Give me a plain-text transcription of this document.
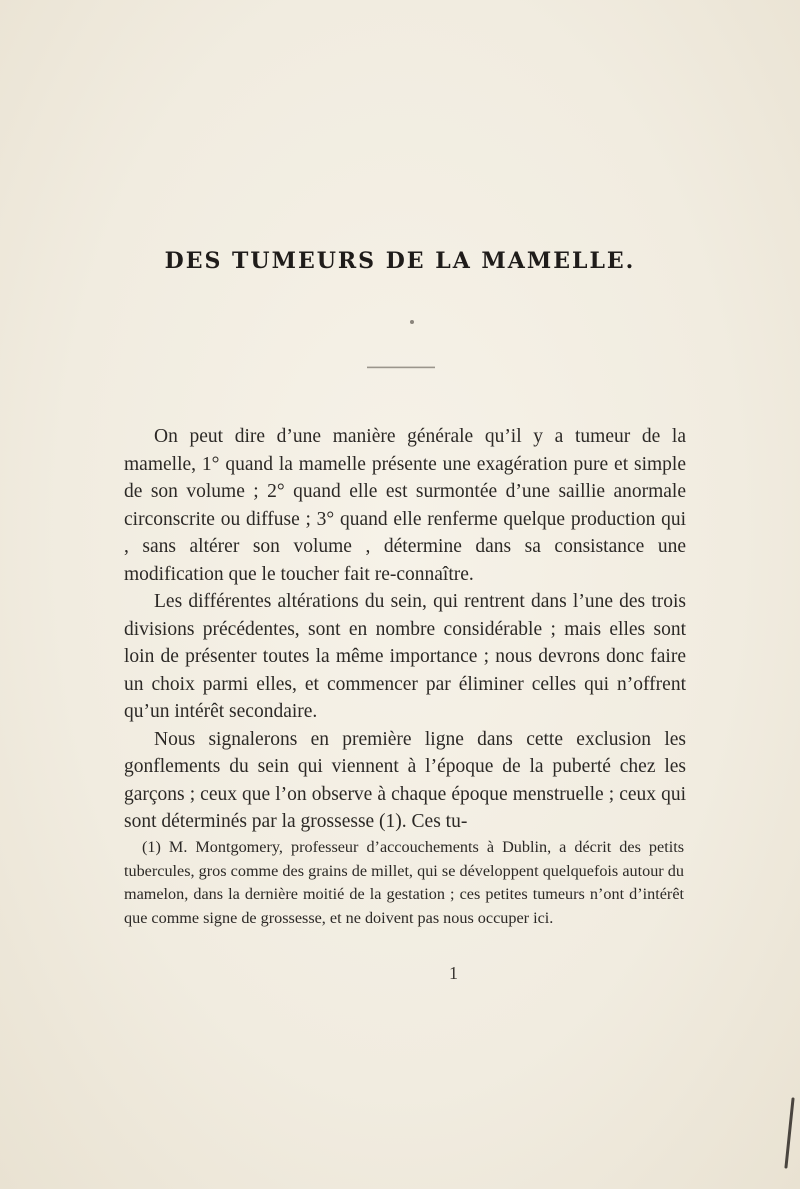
DES TUMEURS DE LA MAMELLE.

On peut dire d’une manière générale qu’il y a tumeur de la mamelle, 1° quand la mamelle présente une exagération pure et simple de son volume ; 2° quand elle est surmontée d’une saillie anormale circonscrite ou diffuse ; 3° quand elle renferme quelque production qui , sans altérer son volume , détermine dans sa consistance une modification que le toucher fait re-connaître.

Les différentes altérations du sein, qui rentrent dans l’une des trois divisions précédentes, sont en nombre considérable ; mais elles sont loin de présenter toutes la même importance ; nous devrons donc faire un choix parmi elles, et commencer par éliminer celles qui n’offrent qu’un intérêt secondaire.

Nous signalerons en première ligne dans cette exclusion les gonflements du sein qui viennent à l’époque de la puberté chez les garçons ; ceux que l’on observe à chaque époque menstruelle ; ceux qui sont déterminés par la grossesse (1). Ces tu-

(1) M. Montgomery, professeur d’accouchements à Dublin, a décrit des petits tubercules, gros comme des grains de millet, qui se développent quelquefois autour du mamelon, dans la dernière moitié de la gestation ; ces petites tumeurs n’ont d’intérêt que comme signe de grossesse, et ne doivent pas nous occuper ici.

1
